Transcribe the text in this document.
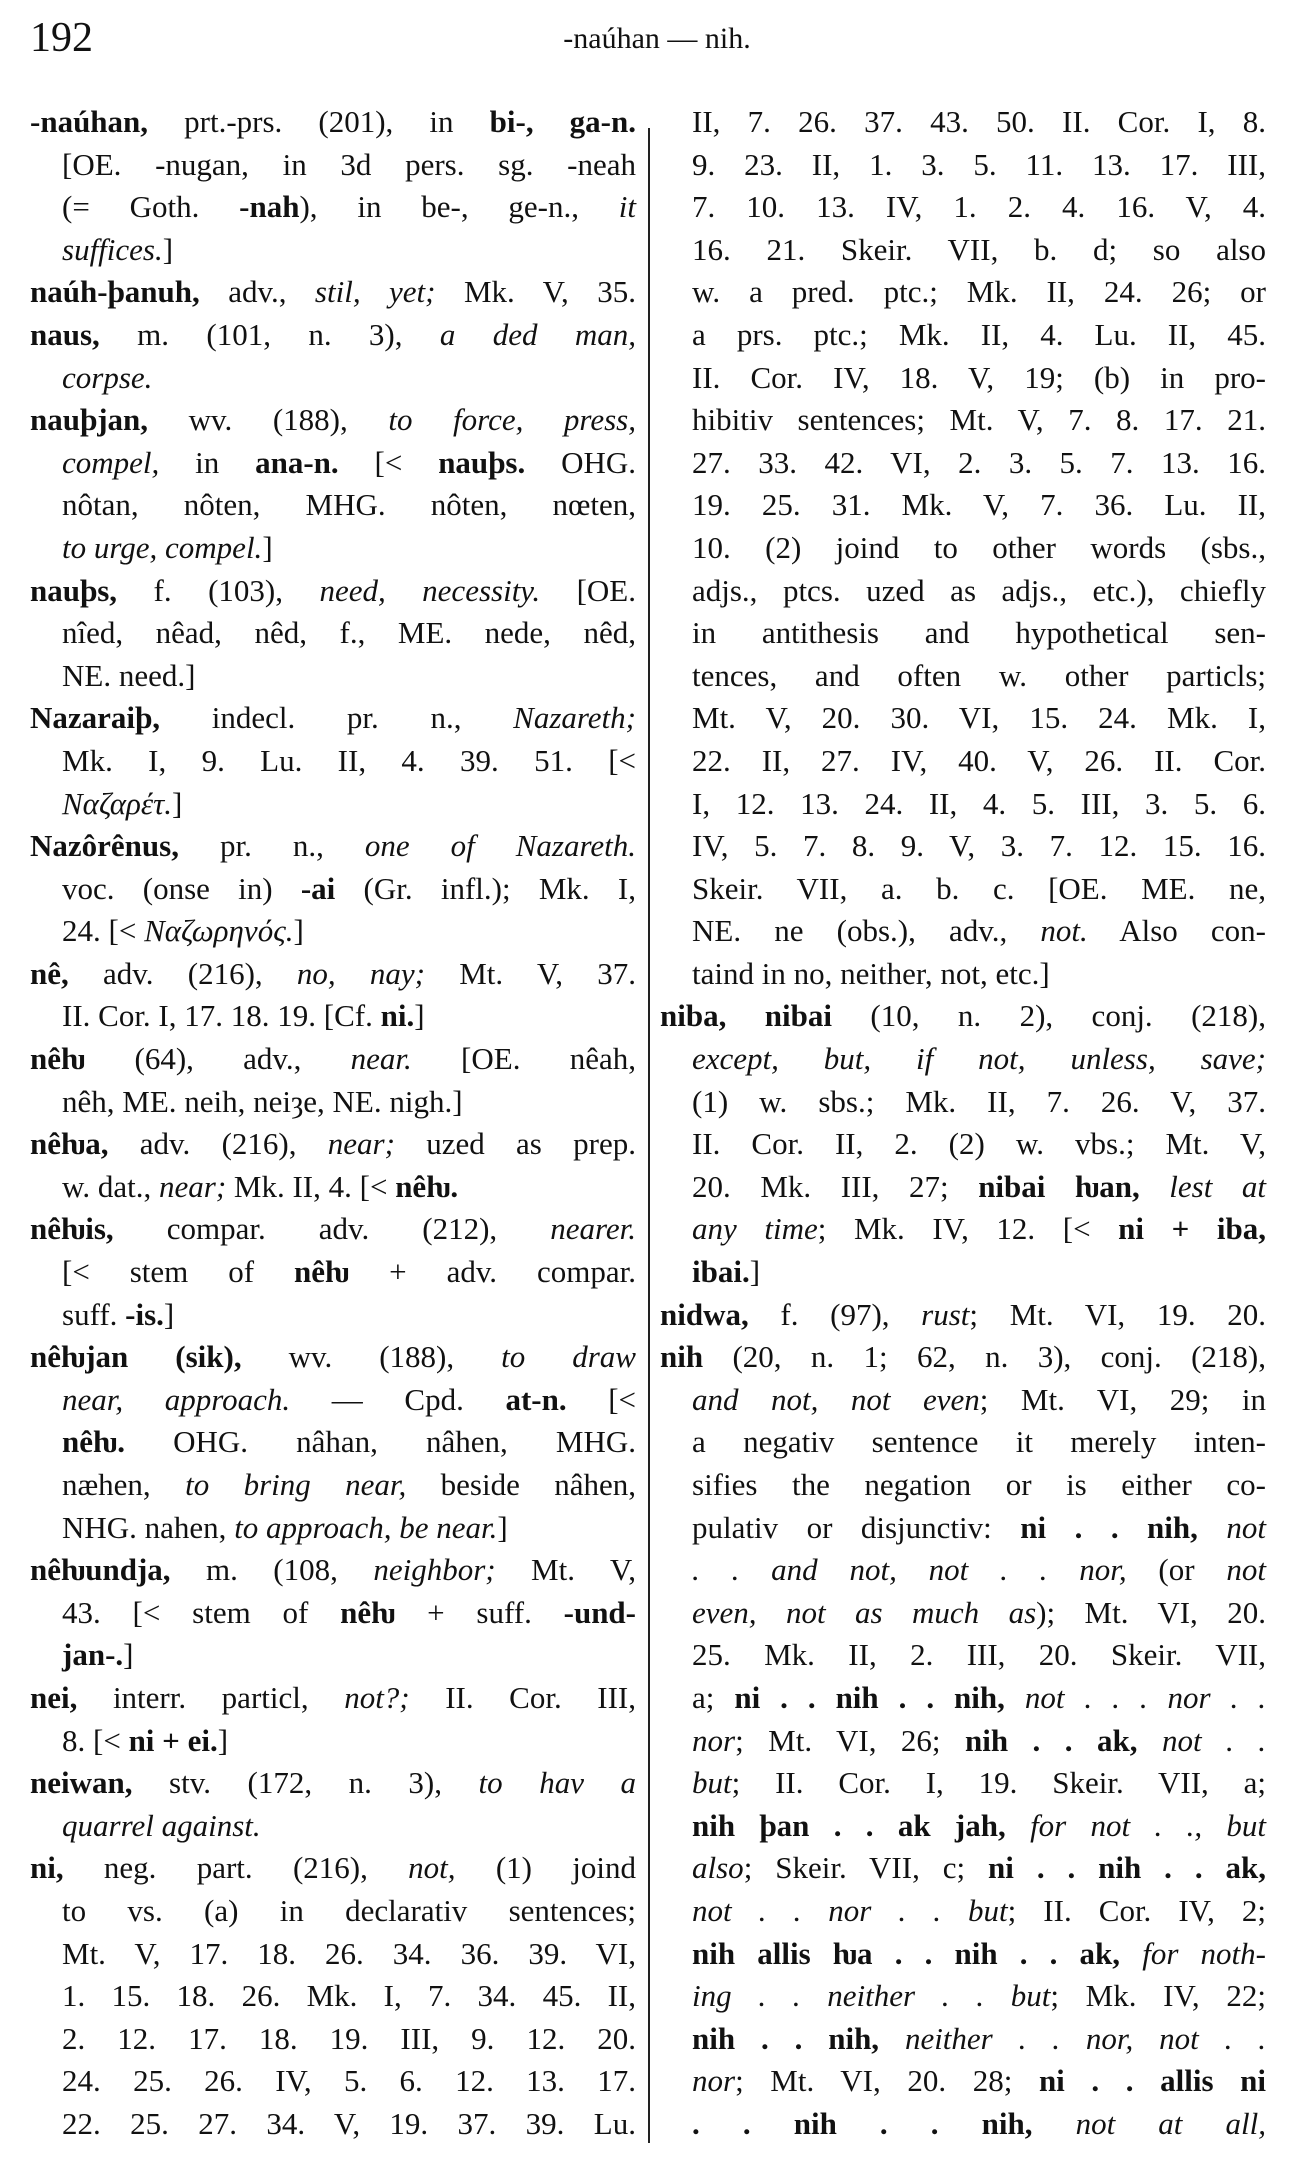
192	-naúhan — nih.
-naúhan, prt.-prs. (201), in bi-, ga-n.
[OE. -nugan, in 3d pers. sg. -neah
(= Goth. -nah), in be-, ge-n., it
suffices.]
naúh-þanuh, adv., stil, yet; Mk. V, 35.
naus, m. (101, n. 3), a ded man,
corpse.
nauþjan, wv. (188), to force, press,
compel, in ana-n. [< nauþs. OHG.
nôtan, nôten, MHG. nôten, nœten,
to urge, compel.]
nauþs, f. (103), need, necessity. [OE.
nîed, nêad, nêd, f., ME. nede, nêd,
NE. need.]
Nazaraiþ, indecl. pr. n., Nazareth;
Mk. I, 9. Lu. II, 4. 39. 51. [<
Ναζαρέτ.]
Nazôrênus, pr. n., one of Nazareth.
voc. (onse in) -ai (Gr. infl.); Mk. I,
24. [< Ναζωρηνός.]
nê, adv. (216), no, nay; Mt. V, 37.
II. Cor. I, 17. 18. 19. [Cf. ni.]
nêƕ (64), adv., near. [OE. nêah,
nêh, ME. neih, neiȝe, NE. nigh.]
nêƕa, adv. (216), near; uzed as prep.
w. dat., near; Mk. II, 4. [< nêƕ.
nêƕis, compar. adv. (212), nearer.
[< stem of nêƕ + adv. compar.
suff. -is.]
nêƕjan (sik), wv. (188), to draw
near, approach. — Cpd. at-n. [<
nêƕ. OHG. nâhan, nâhen, MHG.
næhen, to bring near, beside nâhen,
NHG. nahen, to approach, be near.]
nêƕundja, m. (108, neighbor; Mt. V,
43. [< stem of nêƕ + suff. -und-
jan-.]
nei, interr. particl, not?; II. Cor. III,
8. [< ni + ei.]
neiwan, stv. (172, n. 3), to hav a
quarrel against.
ni, neg. part. (216), not, (1) joind
to vs. (a) in declarativ sentences;
Mt. V, 17. 18. 26. 34. 36. 39. VI,
1. 15. 18. 26. Mk. I, 7. 34. 45. II,
2. 12. 17. 18. 19. III, 9. 12. 20.
24. 25. 26. IV, 5. 6. 12. 13. 17.
22. 25. 27. 34. V, 19. 37. 39. Lu.
II, 7. 26. 37. 43. 50. II. Cor. I, 8.
9. 23. II, 1. 3. 5. 11. 13. 17. III,
7. 10. 13. IV, 1. 2. 4. 16. V, 4.
16. 21. Skeir. VII, b. d; so also
w. a pred. ptc.; Mk. II, 24. 26; or
a prs. ptc.; Mk. II, 4. Lu. II, 45.
II. Cor. IV, 18. V, 19; (b) in pro-
hibitiv sentences; Mt. V, 7. 8. 17. 21.
27. 33. 42. VI, 2. 3. 5. 7. 13. 16.
19. 25. 31. Mk. V, 7. 36. Lu. II,
10. (2) joind to other words (sbs.,
adjs., ptcs. uzed as adjs., etc.), chiefly
in antithesis and hypothetical sen-
tences, and often w. other particls;
Mt. V, 20. 30. VI, 15. 24. Mk. I,
22. II, 27. IV, 40. V, 26. II. Cor.
I, 12. 13. 24. II, 4. 5. III, 3. 5. 6.
IV, 5. 7. 8. 9. V, 3. 7. 12. 15. 16.
Skeir. VII, a. b. c. [OE. ME. ne,
NE. ne (obs.), adv., not. Also con-
taind in no, neither, not, etc.]
niba, nibai (10, n. 2), conj. (218),
except, but, if not, unless, save;
(1) w. sbs.; Mk. II, 7. 26. V, 37.
II. Cor. II, 2. (2) w. vbs.; Mt. V,
20. Mk. III, 27; nibai ƕan, lest at
any time; Mk. IV, 12. [< ni + iba,
ibai.]
nidwa, f. (97), rust; Mt. VI, 19. 20.
nih (20, n. 1; 62, n. 3), conj. (218),
and not, not even; Mt. VI, 29; in
a negativ sentence it merely inten-
sifies the negation or is either co-
pulativ or disjunctiv: ni . . nih, not
. . and not, not . . nor, (or not
even, not as much as); Mt. VI, 20.
25. Mk. II, 2. III, 20. Skeir. VII,
a; ni . . nih . . nih, not . . . nor . .
nor; Mt. VI, 26; nih . . ak, not . .
but; II. Cor. I, 19. Skeir. VII, a;
nih þan . . ak jah, for not . ., but
also; Skeir. VII, c; ni . . nih . . ak,
not . . nor . . but; II. Cor. IV, 2;
nih allis ƕa . . nih . . ak, for noth-
ing . . neither . . but; Mk. IV, 22;
nih . . nih, neither . . nor, not . .
nor; Mt. VI, 20. 28; ni . . allis ni
. . nih . . nih, not at all,
